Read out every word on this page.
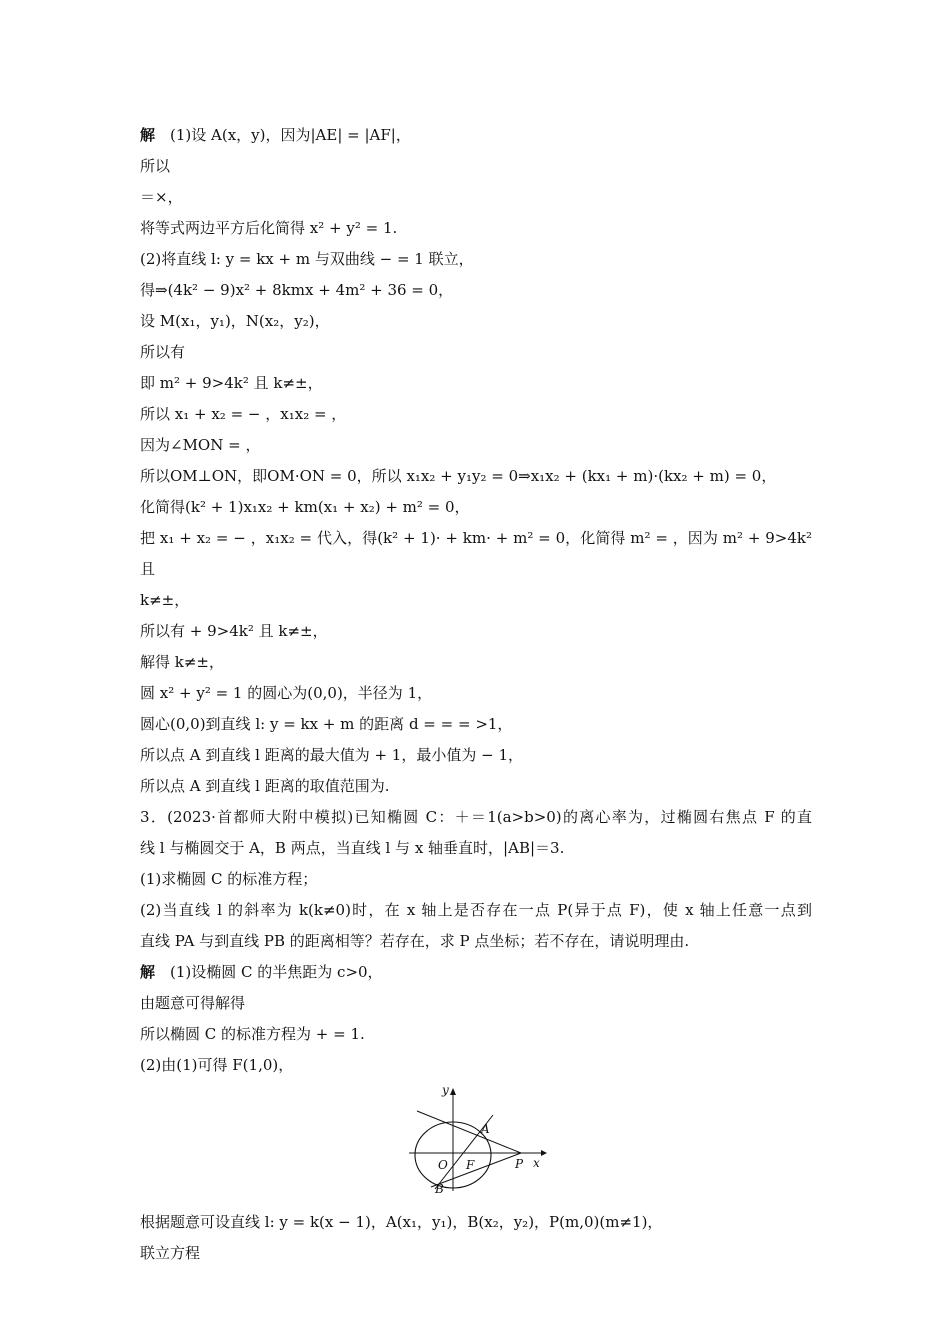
解　(1)设 A(x，y)，因为|AE| = |AF|，
所以
＝×，
将等式两边平方后化简得 x² + y² = 1.
(2)将直线 l: y = kx + m 与双曲线 − = 1 联立，
得⇒(4k² − 9)x² + 8kmx + 4m² + 36 = 0，
设 M(x₁，y₁)，N(x₂，y₂)，
所以有
即 m² + 9>4k² 且 k≠±，
所以 x₁ + x₂ = − ，x₁x₂ = ，
因为∠MON = ，
所以OM⊥ON，即OM·ON = 0，所以 x₁x₂ + y₁y₂ = 0⇒x₁x₂ + (kx₁ + m)·(kx₂ + m) = 0，
化简得(k² + 1)x₁x₂ + km(x₁ + x₂) + m² = 0，
把 x₁ + x₂ = − ，x₁x₂ = 代入，得(k² + 1)· + km· + m² = 0，化简得 m² = ，因为 m² + 9>4k² 且
k≠±，
所以有 + 9>4k² 且 k≠±，
解得 k≠±，
圆 x² + y² = 1 的圆心为(0,0)，半径为 1，
圆心(0,0)到直线 l: y = kx + m 的距离 d = = = >1，
所以点 A 到直线 l 距离的最大值为 + 1，最小值为 − 1，
所以点 A 到直线 l 距离的取值范围为.
3．(2023·首都师大附中模拟)已知椭圆 C：＋＝1(a>b>0)的离心率为，过椭圆右焦点 F 的直
线 l 与椭圆交于 A，B 两点，当直线 l 与 x 轴垂直时，|AB|＝3.
(1)求椭圆 C 的标准方程；
(2)当直线 l 的斜率为 k(k≠0)时，在 x 轴上是否存在一点 P(异于点 F)，使 x 轴上任意一点到
直线 PA 与到直线 PB 的距离相等？若存在，求 P 点坐标；若不存在，请说明理由.
解　(1)设椭圆 C 的半焦距为 c>0，
由题意可得解得
所以椭圆 C 的标准方程为 + = 1.
(2)由(1)可得 F(1,0)，
y
x
O F	P
A
B
根据题意可设直线 l: y = k(x − 1)，A(x₁，y₁)，B(x₂，y₂)，P(m,0)(m≠1)，
联立方程
